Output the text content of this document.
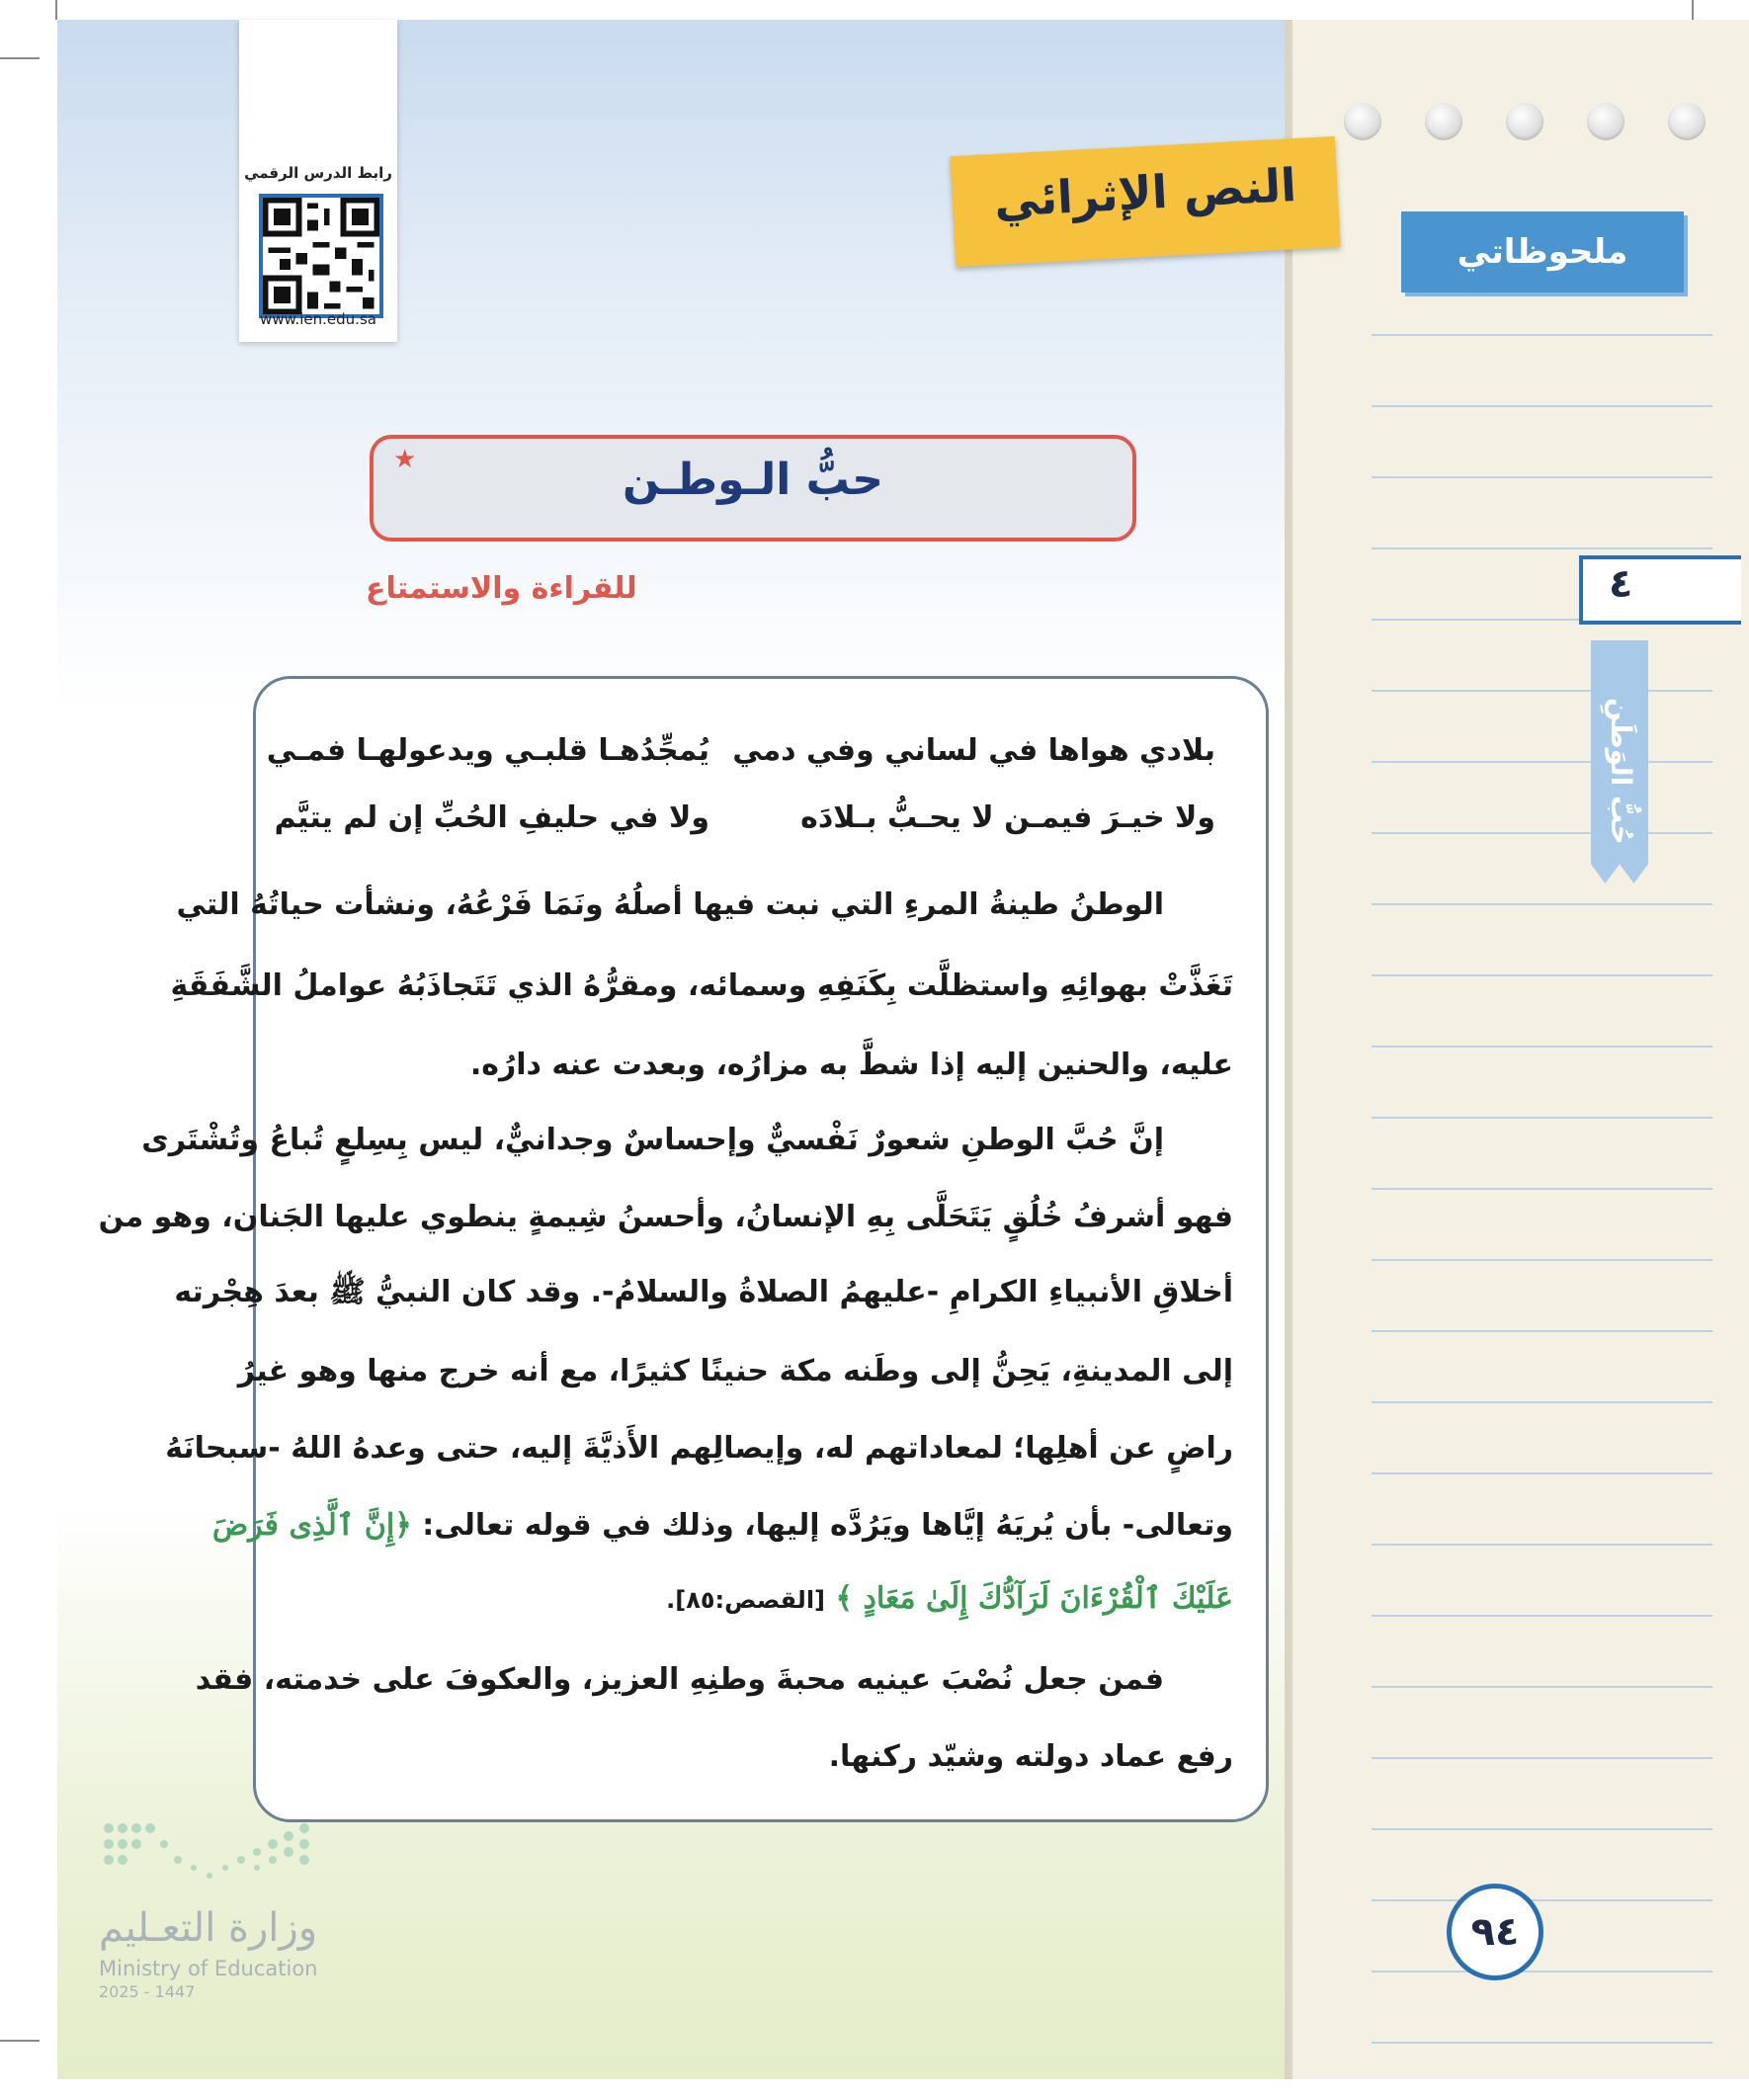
ملحوظاتي
٤
حُبُّ الوَطَنِ
رابط الدرس الرقمي
www.ien.edu.sa
النص الإثرائي
★	حبُّ الـوطـن
للقراءة والاستمتاع
بلادي هواها في لساني وفي دمي
يُمجِّدُهـا قلبـي ويدعولهـا فمـي
ولا خيـرَ فيمـن لا يحـبُّ بـلادَه
ولا في حليفِ الحُبِّ إن لم يتيَّم
الوطنُ طينةُ المرءِ التي نبت فيها أصلُهُ ونَمَا فَرْعُهُ، ونشأت حياتُهُ التي
تَغَذَّتْ بهوائِهِ واستظلَّت بِكَنَفِهِ وسمائه، ومقرُّهُ الذي تَتَجاذَبُهُ عواملُ الشَّفَقَةِ
عليه، والحنين إليه إذا شطَّ به مزارُه، وبعدت عنه دارُه.
إنَّ حُبَّ الوطنِ شعورٌ نَفْسيٌّ وإحساسٌ وجدانيٌّ، ليس بِسِلعٍ تُباعُ وتُشْتَرى
فهو أشرفُ خُلُقٍ يَتَحَلَّى بِهِ الإنسانُ، وأحسنُ شِيمةٍ ينطوي عليها الجَنان، وهو من
أخلاقِ الأنبياءِ الكرامِ -عليهمُ الصلاةُ والسلامُ-. وقد كان النبيُّ ﷺ بعدَ هِجْرته
إلى المدينةِ، يَحِنُّ إلى وطَنه مكة حنينًا كثيرًا، مع أنه خرج منها وهو غيرُ
راضٍ عن أهلِها؛ لمعاداتهم له، وإيصالِهم الأَذيَّةَ إليه، حتى وعدهُ اللهُ -سبحانَهُ
وتعالى- بأن يُريَهُ إيَّاها ويَرُدَّه إليها، وذلك في قوله تعالى: ﴿إِنَّ ٱلَّذِى فَرَضَ
عَلَيْكَ ٱلْقُرْءَانَ لَرَآدُّكَ إِلَىٰ مَعَادٍ ﴾ [القصص:٨٥].
فمن جعل نُصْبَ عينيه محبةَ وطنِهِ العزيز، والعكوفَ على خدمته، فقد
رفع عماد دولته وشيّد ركنها.
وزارة التعـليم
Ministry of Education
2025 - 1447
٩٤
